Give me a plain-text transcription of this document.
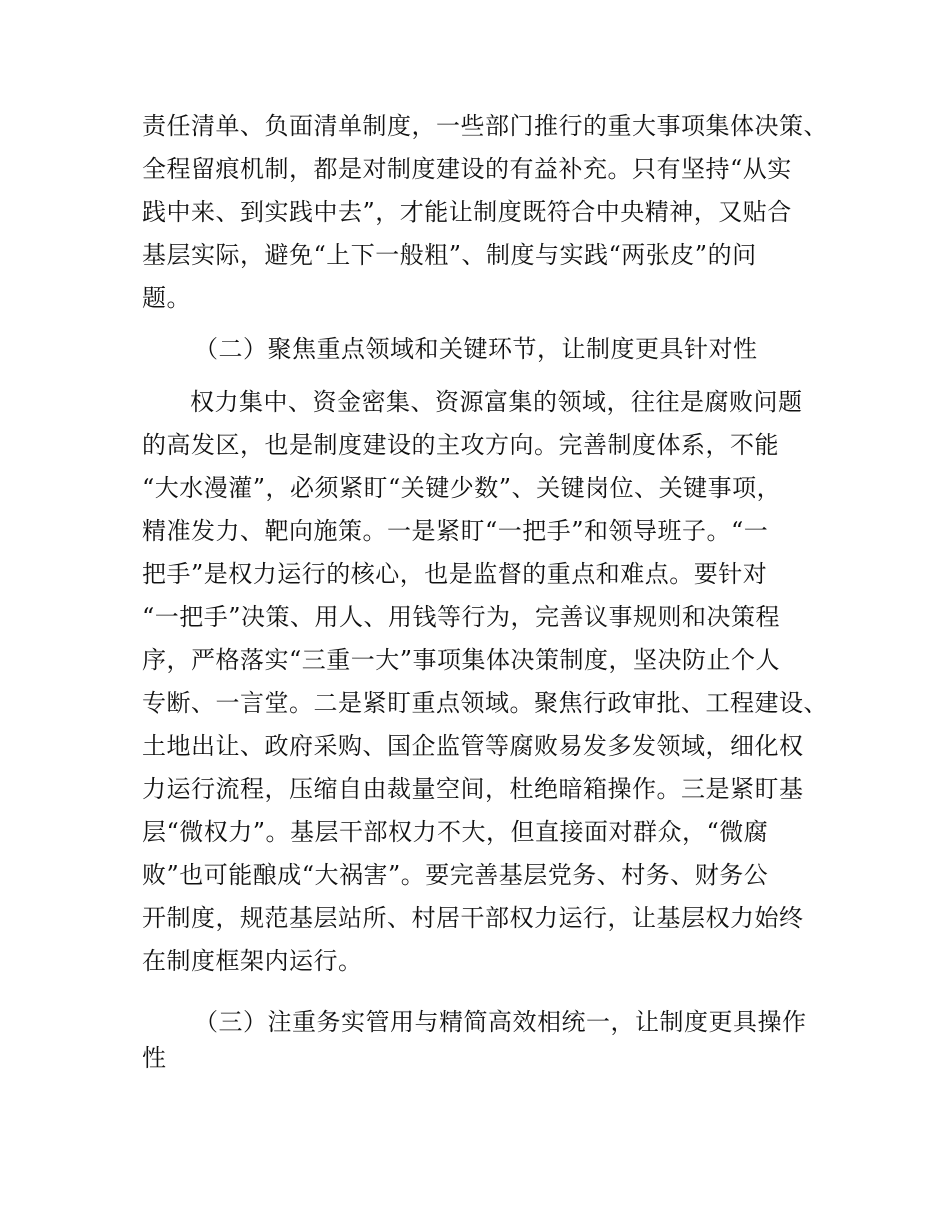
责任清单、负面清单制度，一些部门推行的重大事项集体决策、
全程留痕机制，都是对制度建设的有益补充。只有坚持“从实
践中来、到实践中去”，才能让制度既符合中央精神，又贴合
基层实际，避免“上下一般粗”、制度与实践“两张皮”的问
题。
（二）聚焦重点领域和关键环节，让制度更具针对性
权力集中、资金密集、资源富集的领域，往往是腐败问题
的高发区，也是制度建设的主攻方向。完善制度体系，不能
“大水漫灌”，必须紧盯“关键少数”、关键岗位、关键事项，
精准发力、靶向施策。一是紧盯“一把手”和领导班子。“一
把手”是权力运行的核心，也是监督的重点和难点。要针对
“一把手”决策、用人、用钱等行为，完善议事规则和决策程
序，严格落实“三重一大”事项集体决策制度，坚决防止个人
专断、一言堂。二是紧盯重点领域。聚焦行政审批、工程建设、
土地出让、政府采购、国企监管等腐败易发多发领域，细化权
力运行流程，压缩自由裁量空间，杜绝暗箱操作。三是紧盯基
层“微权力”。基层干部权力不大，但直接面对群众，“微腐
败”也可能酿成“大祸害”。要完善基层党务、村务、财务公
开制度，规范基层站所、村居干部权力运行，让基层权力始终
在制度框架内运行。
（三）注重务实管用与精简高效相统一，让制度更具操作
性
